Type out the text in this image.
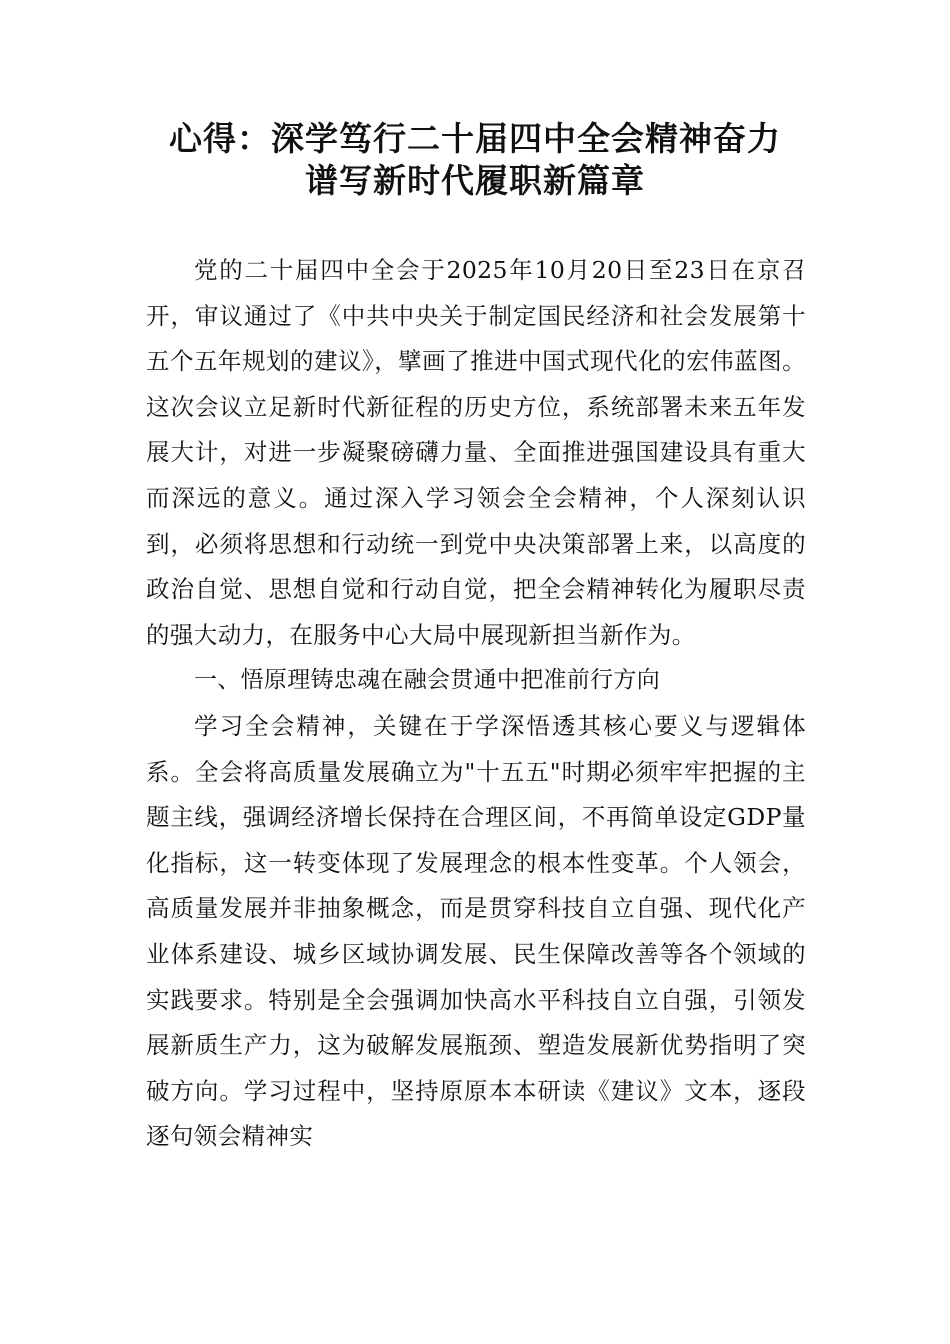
心得：深学笃行二十届四中全会精神奋力
谱写新时代履职新篇章

党的二十届四中全会于2025年10月20日至23日在京召开，审议通过了《中共中央关于制定国民经济和社会发展第十五个五年规划的建议》，擘画了推进中国式现代化的宏伟蓝图。这次会议立足新时代新征程的历史方位，系统部署未来五年发展大计，对进一步凝聚磅礴力量、全面推进强国建设具有重大而深远的意义。通过深入学习领会全会精神，个人深刻认识到，必须将思想和行动统一到党中央决策部署上来，以高度的政治自觉、思想自觉和行动自觉，把全会精神转化为履职尽责的强大动力，在服务中心大局中展现新担当新作为。

一、悟原理铸忠魂在融会贯通中把准前行方向

学习全会精神，关键在于学深悟透其核心要义与逻辑体系。全会将高质量发展确立为"十五五"时期必须牢牢把握的主题主线，强调经济增长保持在合理区间，不再简单设定GDP量化指标，这一转变体现了发展理念的根本性变革。个人领会，高质量发展并非抽象概念，而是贯穿科技自立自强、现代化产业体系建设、城乡区域协调发展、民生保障改善等各个领域的实践要求。特别是全会强调加快高水平科技自立自强，引领发展新质生产力，这为破解发展瓶颈、塑造发展新优势指明了突破方向。学习过程中，坚持原原本本研读《建议》文本，逐段逐句领会精神实
